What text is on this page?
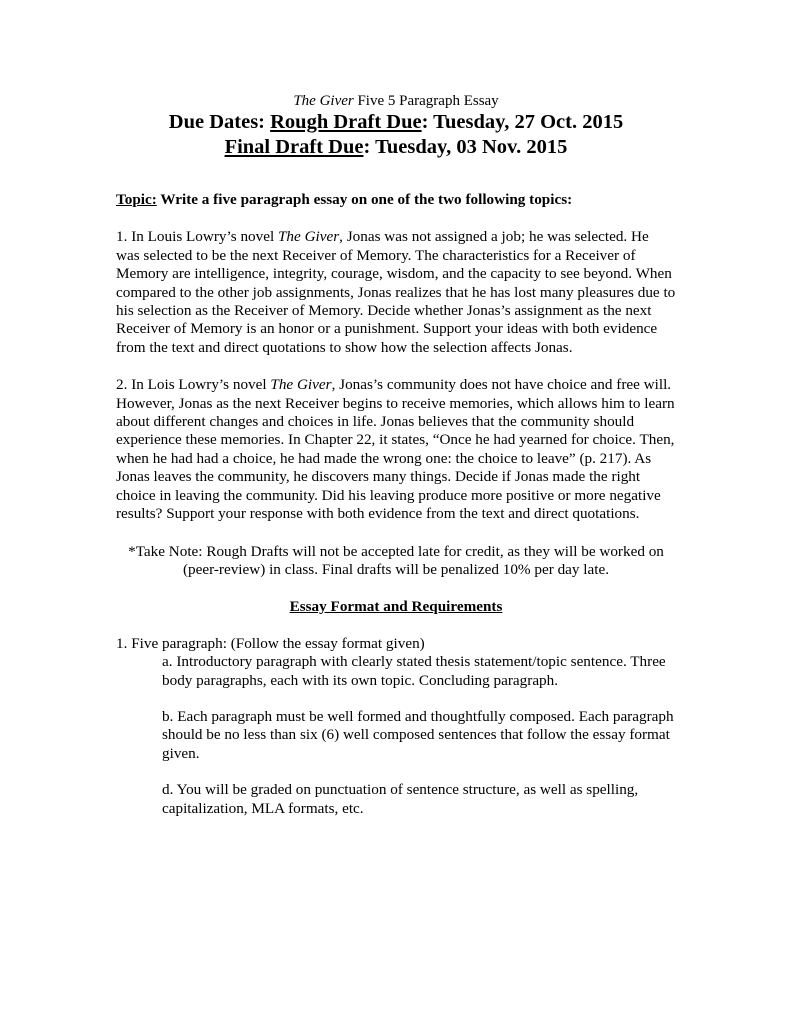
The Giver Five 5 Paragraph Essay
Due Dates: Rough Draft Due: Tuesday, 27 Oct. 2015
Final Draft Due: Tuesday, 03 Nov. 2015
Topic: Write a five paragraph essay on one of the two following topics:
1. In Louis Lowry’s novel The Giver, Jonas was not assigned a job; he was selected. He was selected to be the next Receiver of Memory. The characteristics for a Receiver of Memory are intelligence, integrity, courage, wisdom, and the capacity to see beyond. When compared to the other job assignments, Jonas realizes that he has lost many pleasures due to his selection as the Receiver of Memory. Decide whether Jonas’s assignment as the next Receiver of Memory is an honor or a punishment. Support your ideas with both evidence from the text and direct quotations to show how the selection affects Jonas.
2. In Lois Lowry’s novel The Giver, Jonas’s community does not have choice and free will. However, Jonas as the next Receiver begins to receive memories, which allows him to learn about different changes and choices in life. Jonas believes that the community should experience these memories. In Chapter 22, it states, “Once he had yearned for choice. Then, when he had had a choice, he had made the wrong one: the choice to leave” (p. 217). As Jonas leaves the community, he discovers many things. Decide if Jonas made the right choice in leaving the community. Did his leaving produce more positive or more negative results? Support your response with both evidence from the text and direct quotations.
*Take Note: Rough Drafts will not be accepted late for credit, as they will be worked on
(peer-review) in class. Final drafts will be penalized 10% per day late.
Essay Format and Requirements
1. Five paragraph: (Follow the essay format given)
a. Introductory paragraph with clearly stated thesis statement/topic sentence. Three body paragraphs, each with its own topic. Concluding paragraph.
b. Each paragraph must be well formed and thoughtfully composed. Each paragraph should be no less than six (6) well composed sentences that follow the essay format given.
d. You will be graded on punctuation of sentence structure, as well as spelling, capitalization, MLA formats, etc.
